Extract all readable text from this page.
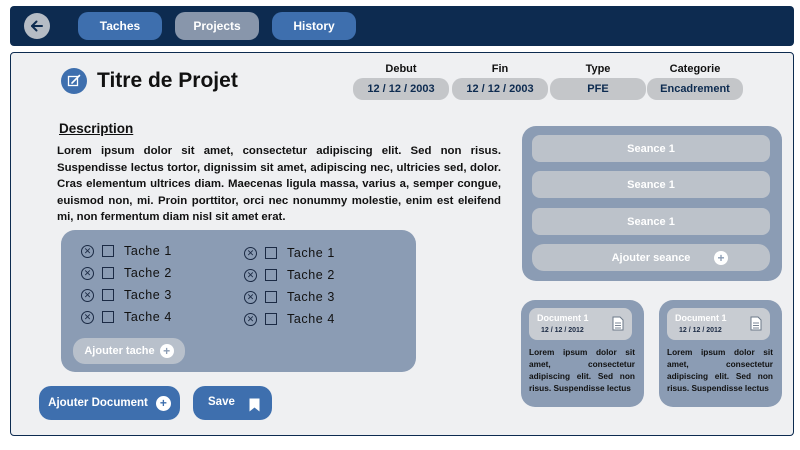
Taches	Projects	History
Titre de Projet	Debut
12 / 12 / 2003
Fin
12 / 12 / 2003
Type
PFE
Categorie
Encadrement
Description
Lorem ipsum dolor sit amet, consectetur adipiscing elit. Sed non risus. Suspendisse lectus tortor, dignissim sit amet, adipiscing nec, ultricies sed, dolor. Cras elementum ultrices diam. Maecenas ligula massa, varius a, semper congue, euismod non, mi. Proin porttitor, orci nec nonummy molestie, enim est eleifend mi, non fermentum diam nisl sit amet erat.
✕	Tache 1
✕	Tache 2
✕	Tache 3
✕	Tache 4
✕	Tache 1
✕	Tache 2
✕	Tache 3
✕	Tache 4
Ajouter tache +
Ajouter Document +	Save
Seance 1
Seance 1
Seance 1
Ajouter seance +
Document 1
12 / 12 / 2012
Lorem ipsum dolor sit amet, consectetur adipiscing elit. Sed non risus. Suspendisse lectus
Document 1
12 / 12 / 2012
Lorem ipsum dolor sit amet, consectetur adipiscing elit. Sed non risus. Suspendisse lectus
